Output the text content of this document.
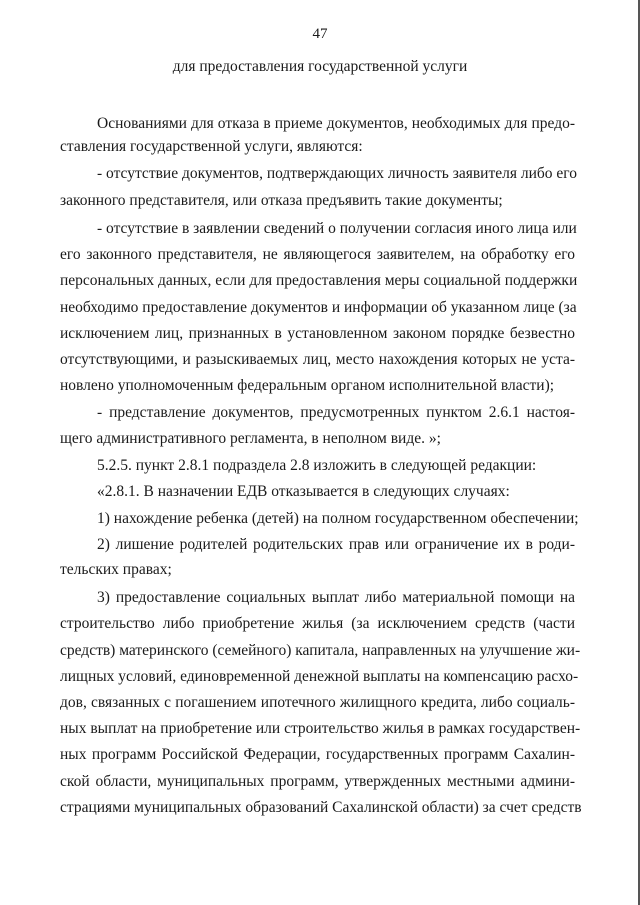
47
для предоставления государственной услуги
Основаниями для отказа в приеме документов, необходимых для предо-
ставления государственной услуги, являются:
- отсутствие документов, подтверждающих личность заявителя либо его
законного представителя, или отказа предъявить такие документы;
- отсутствие в заявлении сведений о получении согласия иного лица или
его законного представителя, не являющегося заявителем, на обработку его
персональных данных, если для предоставления меры социальной поддержки
необходимо предоставление документов и информации об указанном лице (за
исключением лиц, признанных в установленном законом порядке безвестно
отсутствующими, и разыскиваемых лиц, место нахождения которых не уста-
новлено уполномоченным федеральным органом исполнительной власти);
- представление документов, предусмотренных пунктом 2.6.1 настоя-
щего административного регламента, в неполном виде. »;
5.2.5. пункт 2.8.1 подраздела 2.8 изложить в следующей редакции:
«2.8.1. В назначении ЕДВ отказывается в следующих случаях:
1) нахождение ребенка (детей) на полном государственном обеспечении;
2) лишение родителей родительских прав или ограничение их в роди-
тельских правах;
3) предоставление социальных выплат либо материальной помощи на
строительство либо приобретение жилья (за исключением средств (части
средств) материнского (семейного) капитала, направленных на улучшение жи-
лищных условий, единовременной денежной выплаты на компенсацию расхо-
дов, связанных с погашением ипотечного жилищного кредита, либо социаль-
ных выплат на приобретение или строительство жилья в рамках государствен-
ных программ Российской Федерации, государственных программ Сахалин-
ской области, муниципальных программ, утвержденных местными админи-
страциями муниципальных образований Сахалинской области) за счет средств
